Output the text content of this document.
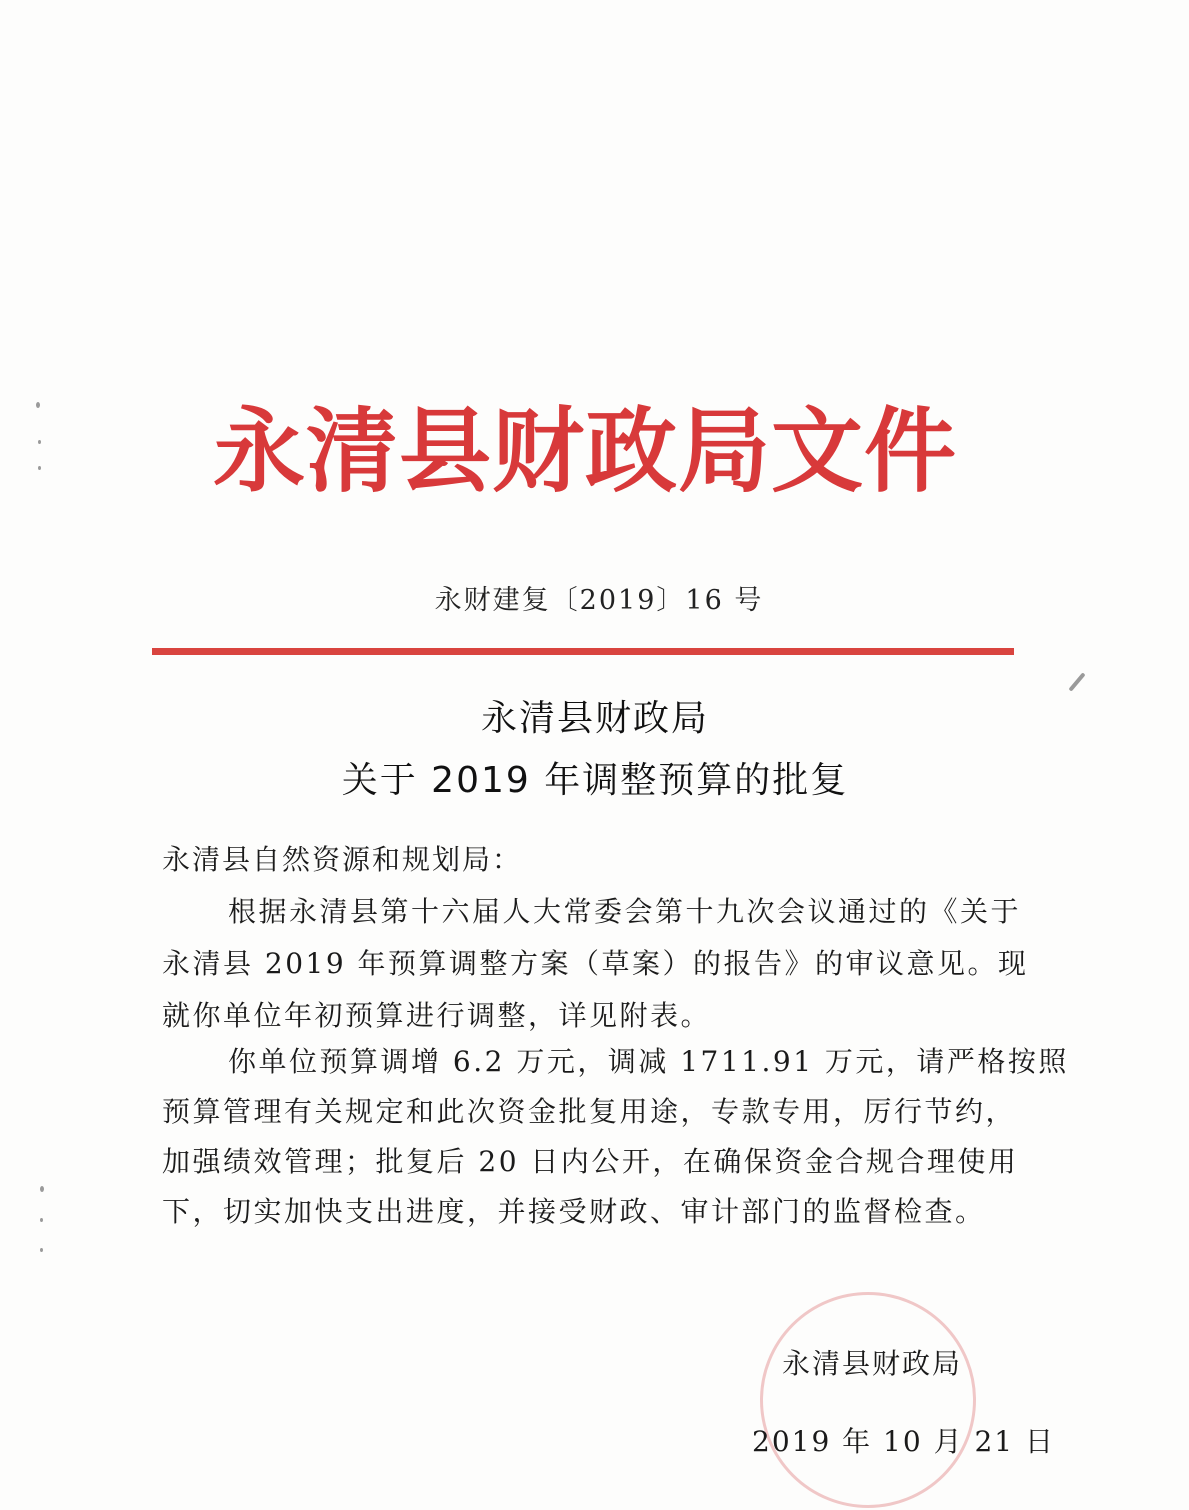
永清县财政局文件
永财建复〔2019〕16 号
永清县财政局
关于 2019 年调整预算的批复
永清县自然资源和规划局：
根据永清县第十六届人大常委会第十九次会议通过的《关于
永清县 2019 年预算调整方案（草案）的报告》的审议意见。现
就你单位年初预算进行调整，详见附表。
你单位预算调增 6.2 万元，调减 1711.91 万元，请严格按照
预算管理有关规定和此次资金批复用途，专款专用，厉行节约，
加强绩效管理；批复后 20 日内公开，在确保资金合规合理使用
下，切实加快支出进度，并接受财政、审计部门的监督检查。
永清县财政局
2019 年 10 月 21 日
